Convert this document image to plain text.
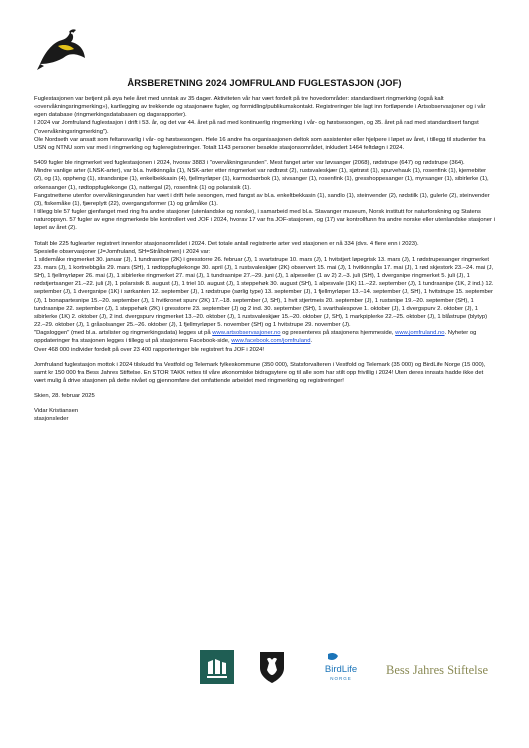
ÅRSBERETNING 2024 JOMFRULAND FUGLESTASJON (JOF)

Fuglestasjonen var betjent på øya hele året med unntak av 35 dager. Aktiviteten vår har vært fordelt på tre hovedområder: standardisert ringmerking (også kalt «overvåkningsringmerking»), kartlegging av trekkende og stasjonære fugler, og formidling/publikumskontakt. Registreringer ble lagt inn fortløpende i Artsobservasjoner og i vår egen database (ringmerkingsdatabasen og dagsrapporter).

I 2024 var Jomfruland fuglestasjon i drift i 53. år, og det var 44. året på rad med kontinuerlig ringmerking i vår- og høstsesongen, og 35. året på rad med standardisert fangst ("overvåkningsringmerking").

Ole Nordseth var ansatt som feltansvarlig i vår- og høstsesongen. Hele 16 andre fra organisasjonen deltok som assistenter eller hjelpere i løpet av året, i tillegg til studenter fra USN og NTNU som var med i ringmerking og fugleregistreringer. Totalt 1143 personer besøkte stasjonsområdet, inkludert 1464 feltdøgn i 2024.

5409 fugler ble ringmerket ved fuglestasjonen i 2024, hvorav 3883 i "overvåkningsrunden". Mest fanget arter var løvsanger (2068), rødstrupe (647) og rødstrupe (364).

Mindre vanlige arter (LNSK-arter), var bl.a. hvitkinngås (1), NSK-arter etter ringmerket var rødtrøst (2), rustsvaleskjær (1), sjøtrøst (1), spurvehauk (1), rosenfink (1), kjernebiter (2), og (1), oppheng (1), strandsnipe (1), enkelbekkasin (4), fjellmyrløper (1), karmodsørbok (1), sivsanger (1), rosenfink (1), gresshoppesanger (1), myrsanger (1), sibirlerke (1), orkensanger (1), rødtoppfuglekonge (1), nattergal (2), rosenfink (1) og polarsisik (1).

Fangstnettene utenfor overvåkningsrunden har vært i drift hele sesongen, med fangst av bl.a. enkeltbekkasin (1), sandlo (1), steinvender (2), rødstilk (1), gulerle (2), steinvender (3), fiskemåke (1), fjæreplytt (22), overgangsformer (1) og gråmåke (1).

I tillegg ble 57 fugler gjenfanget med ring fra andre stasjoner (utenlandske og norske), i samarbeid med bl.a. Stavanger museum, Norsk institutt for naturforskning og Statens naturoppsyn. 57 fugler av egne ringmerkede ble kontrollert ved JOF i 2024, hvorav 17 var fra JOF-stasjonen, og (17) var kontrollfunn fra andre norske eller utenlandske stasjoner i løpet av året (2).

Totalt ble 225 fuglearter registrert innenfor stasjonsområdet i 2024. Det totale antall registrerte arter ved stasjonen er nå 334 (dvs. 4 flere enn i 2023).

Spesielle observasjoner (J=Jomfruland, SH=Stråholmen) i 2024 var:

1 sildemåke ringmerket 30. januar (J), 1 tundrasnipe (2K) i gresstorre 26. februar (J), 1 svartstrupe 10. mars (J), 1 hvitstjert løpegrisk 13. mars (J), 1 rødstrupesanger ringmerket 23. mars (J), 1 kortnebbgås 29. mars (SH), 1 rødtoppfuglekonge 30. april (J), 1 rustsvaleskjær (2K) observert 15. mai (J), 1 hvitkinngås 17. mai (J), 1 rød skjestork 23.–24. mai (J, SH), 1 fjellmyrløper 26. mai (J), 1 sibirlerke ringmerket 27. mai (J), 1 tundrasnipe 27.–29. juni (J), 1 alpeseiler (1 av 2) 2.–3. juli (SH), 1 dvergsnipe ringmerket 5. juli (J), 1 rødstjertsanger 21.–22. juli (J), 1 polarsisik 8. august (J), 1 triel 10. august (J), 1 steppehøk 30. august (SH), 1 alpesvale (1K) 11.–22. september (J), 1 tundrasnipe (1K, 2 ind.) 12. september (J), 1 dvergsnipe (1K) i sørkanten 12. september (J), 1 rødstrupe (sørlig type) 13. september (J), 1 fjellmyrløper 13.–14. september (J, SH), 1 hvitstrupe 15. september (J), 1 bonapartesnipe 15.–20. september (J), 1 hvitkronet spurv (2K) 17.–18. september (J, SH), 1 hvit stjertmeis 20. september (J), 1 rustsnipe 19.–20. september (SH), 1 tundrasnipe 22. september (J), 1 steppehøk (2K) i gresstorre 23. september (J) og 2 ind. 30. september (SH), 1 svarthalespove 1. oktober (J), 1 dvergspurv 2. oktober (J), 1 sibirlerke (1K) 2. oktober (J), 2 ind. dvergspurv ringmerket 13.–20. oktober (J), 1 rustsvaleskjær 15.–20. oktober (J, SH), 1 markpiplerke 22.–25. oktober (J), 1 blåstrupe (blytyp) 22.–29. oktober (J), 1 gråsolsanger 25.–26. oktober (J), 1 fjellmyrløper 5. november (SH) og 1 hvitstrupe 29. november (J).

"Dagsloggen" (med bl.a. artslister og ringmerkingsdata) legges ut på www.artsobservasjoner.no og presenteres på stasjonens hjemmeside, www.jomfruland.no. Nyheter og oppdateringer fra stasjonen legges i tillegg ut på stasjonens Facebook-side, www.facebook.com/jomfruland.

Over 468 000 individer fordelt på over 23 400 rapporteringer ble registrert fra JOF i 2024!

Jomfruland fuglestasjon mottok i 2024 tilskudd fra Vestfold og Telemark fylkeskommune (350 000), Statsforvalteren i Vestfold og Telemark (35 000) og BirdLife Norge (15 000), samt kr 150 000 fra Bess Jahres Stiftelse. En STOR TAKK rettes til våre økonomiske bidragsytere og til alle som har stilt opp frivillig i 2024! Uten deres innsats hadde ikke det vært mulig å drive stasjonen på dette nivået og gjennomføre det omfattende arbeidet med ringmerking og registreringer!

Skien, 28. februar 2025

Vidar Kristiansen

stasjonsleder

BirdLife
NORGE
Bess Jahres Stiftelse
